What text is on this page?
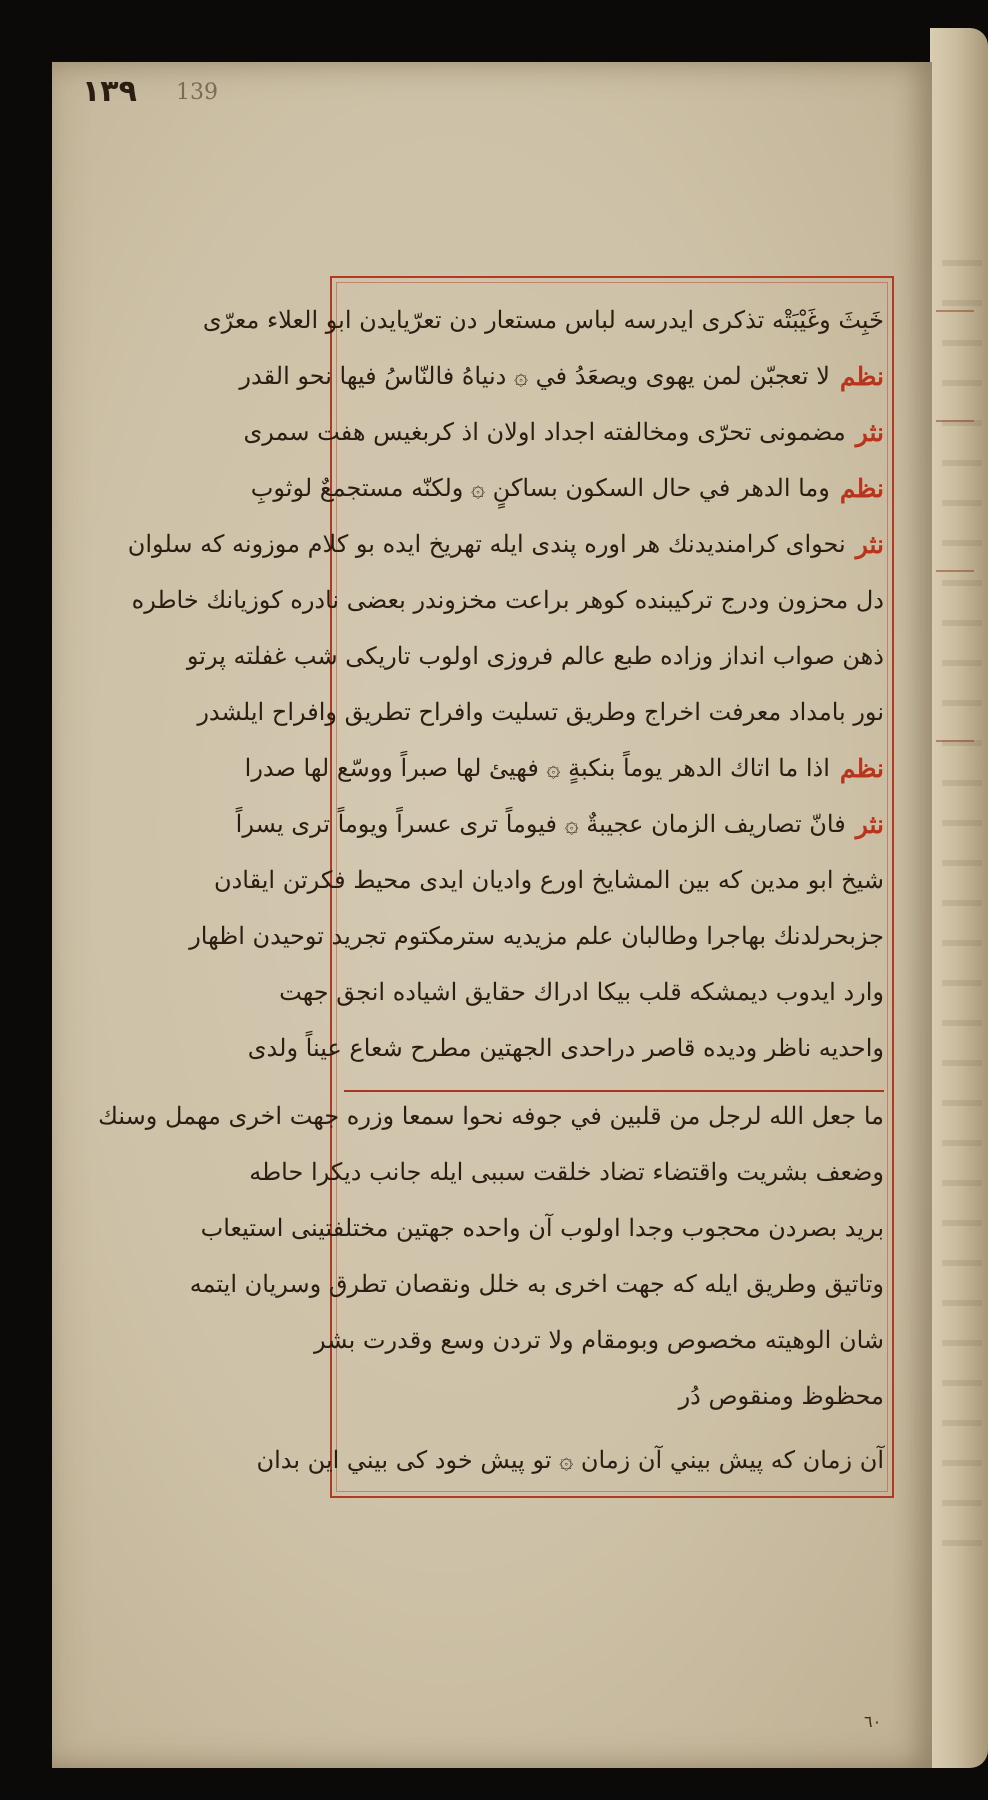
١٣٩ 139
خَبِثَ وغَيْبَتْه تذكرى ايدرسه لباس مستعار دن تعرّيايدن ابو العلاء معرّى
نظم
لا تعجبّن لمن يهوى ويصعَدُ في ۞ دنياهُ فالنّاسُ فيها نحو القدر
نثر
مضمونى تحرّى ومخالفته اجداد اولان اذ كربغيس هفت سمرى
نظم
وما الدهر في حال السكون بساكنٍ ۞ ولكنّه مستجمعٌ لوثوبِ
نثر
نحواى كرامنديدنك هر اوره پندى ايله تهريخ ايده بو كلام موزونه كه سلوان
دل محزون ودرج تركيبنده كوهر براعت مخزوندر بعضى نادره كوزيانك خاطره
ذهن صواب انداز وزاده طبع عالم فروزى اولوب تاريكى شب غفلته پرتو
نور بامداد معرفت اخراج وطريق تسليت وافراح تطريق وافراح ايلشدر
نظم
اذا ما اتاك الدهر يوماً بنكبةٍ ۞ فهيئ لها صبراً ووسّع لها صدرا
نثر
فانّ تصاريف الزمان عجيبةٌ ۞ فيوماً ترى عسراً ويوماً ترى يسراً
شيخ ابو مدين كه بين المشايخ اورع واديان ايدى محيط فكرتن ايقادن
جزبحرلدنك بهاجرا وطالبان علم مزيديه سترمكتوم تجريد توحيدن اظهار
وارد ايدوب ديمشكه قلب بيكا ادراك حقايق اشياده انجق جهت
واحديه ناظر وديده قاصر دراحدى الجهتين مطرح شعاع عيناً ولدى
ما جعل الله لرجل من قلبين في جوفه نحوا سمعا وزره جهت اخرى مهمل وسنك
وضعف بشريت واقتضاء تضاد خلقت سببى ايله جانب ديكرا حاطه
بريد بصردن محجوب وجدا اولوب آن واحده جهتين مختلفتينى استيعاب
وتاتيق وطريق ايله كه جهت اخرى به خلل ونقصان تطرق وسريان ايتمه
شان الوهيته مخصوص وبومقام ولا تردن وسع وقدرت بشر
محظوظ ومنقوص دُر
آن زمان كه پيش بيني آن زمان ۞ تو پيش خود كى بيني اين بدان
٦٠
